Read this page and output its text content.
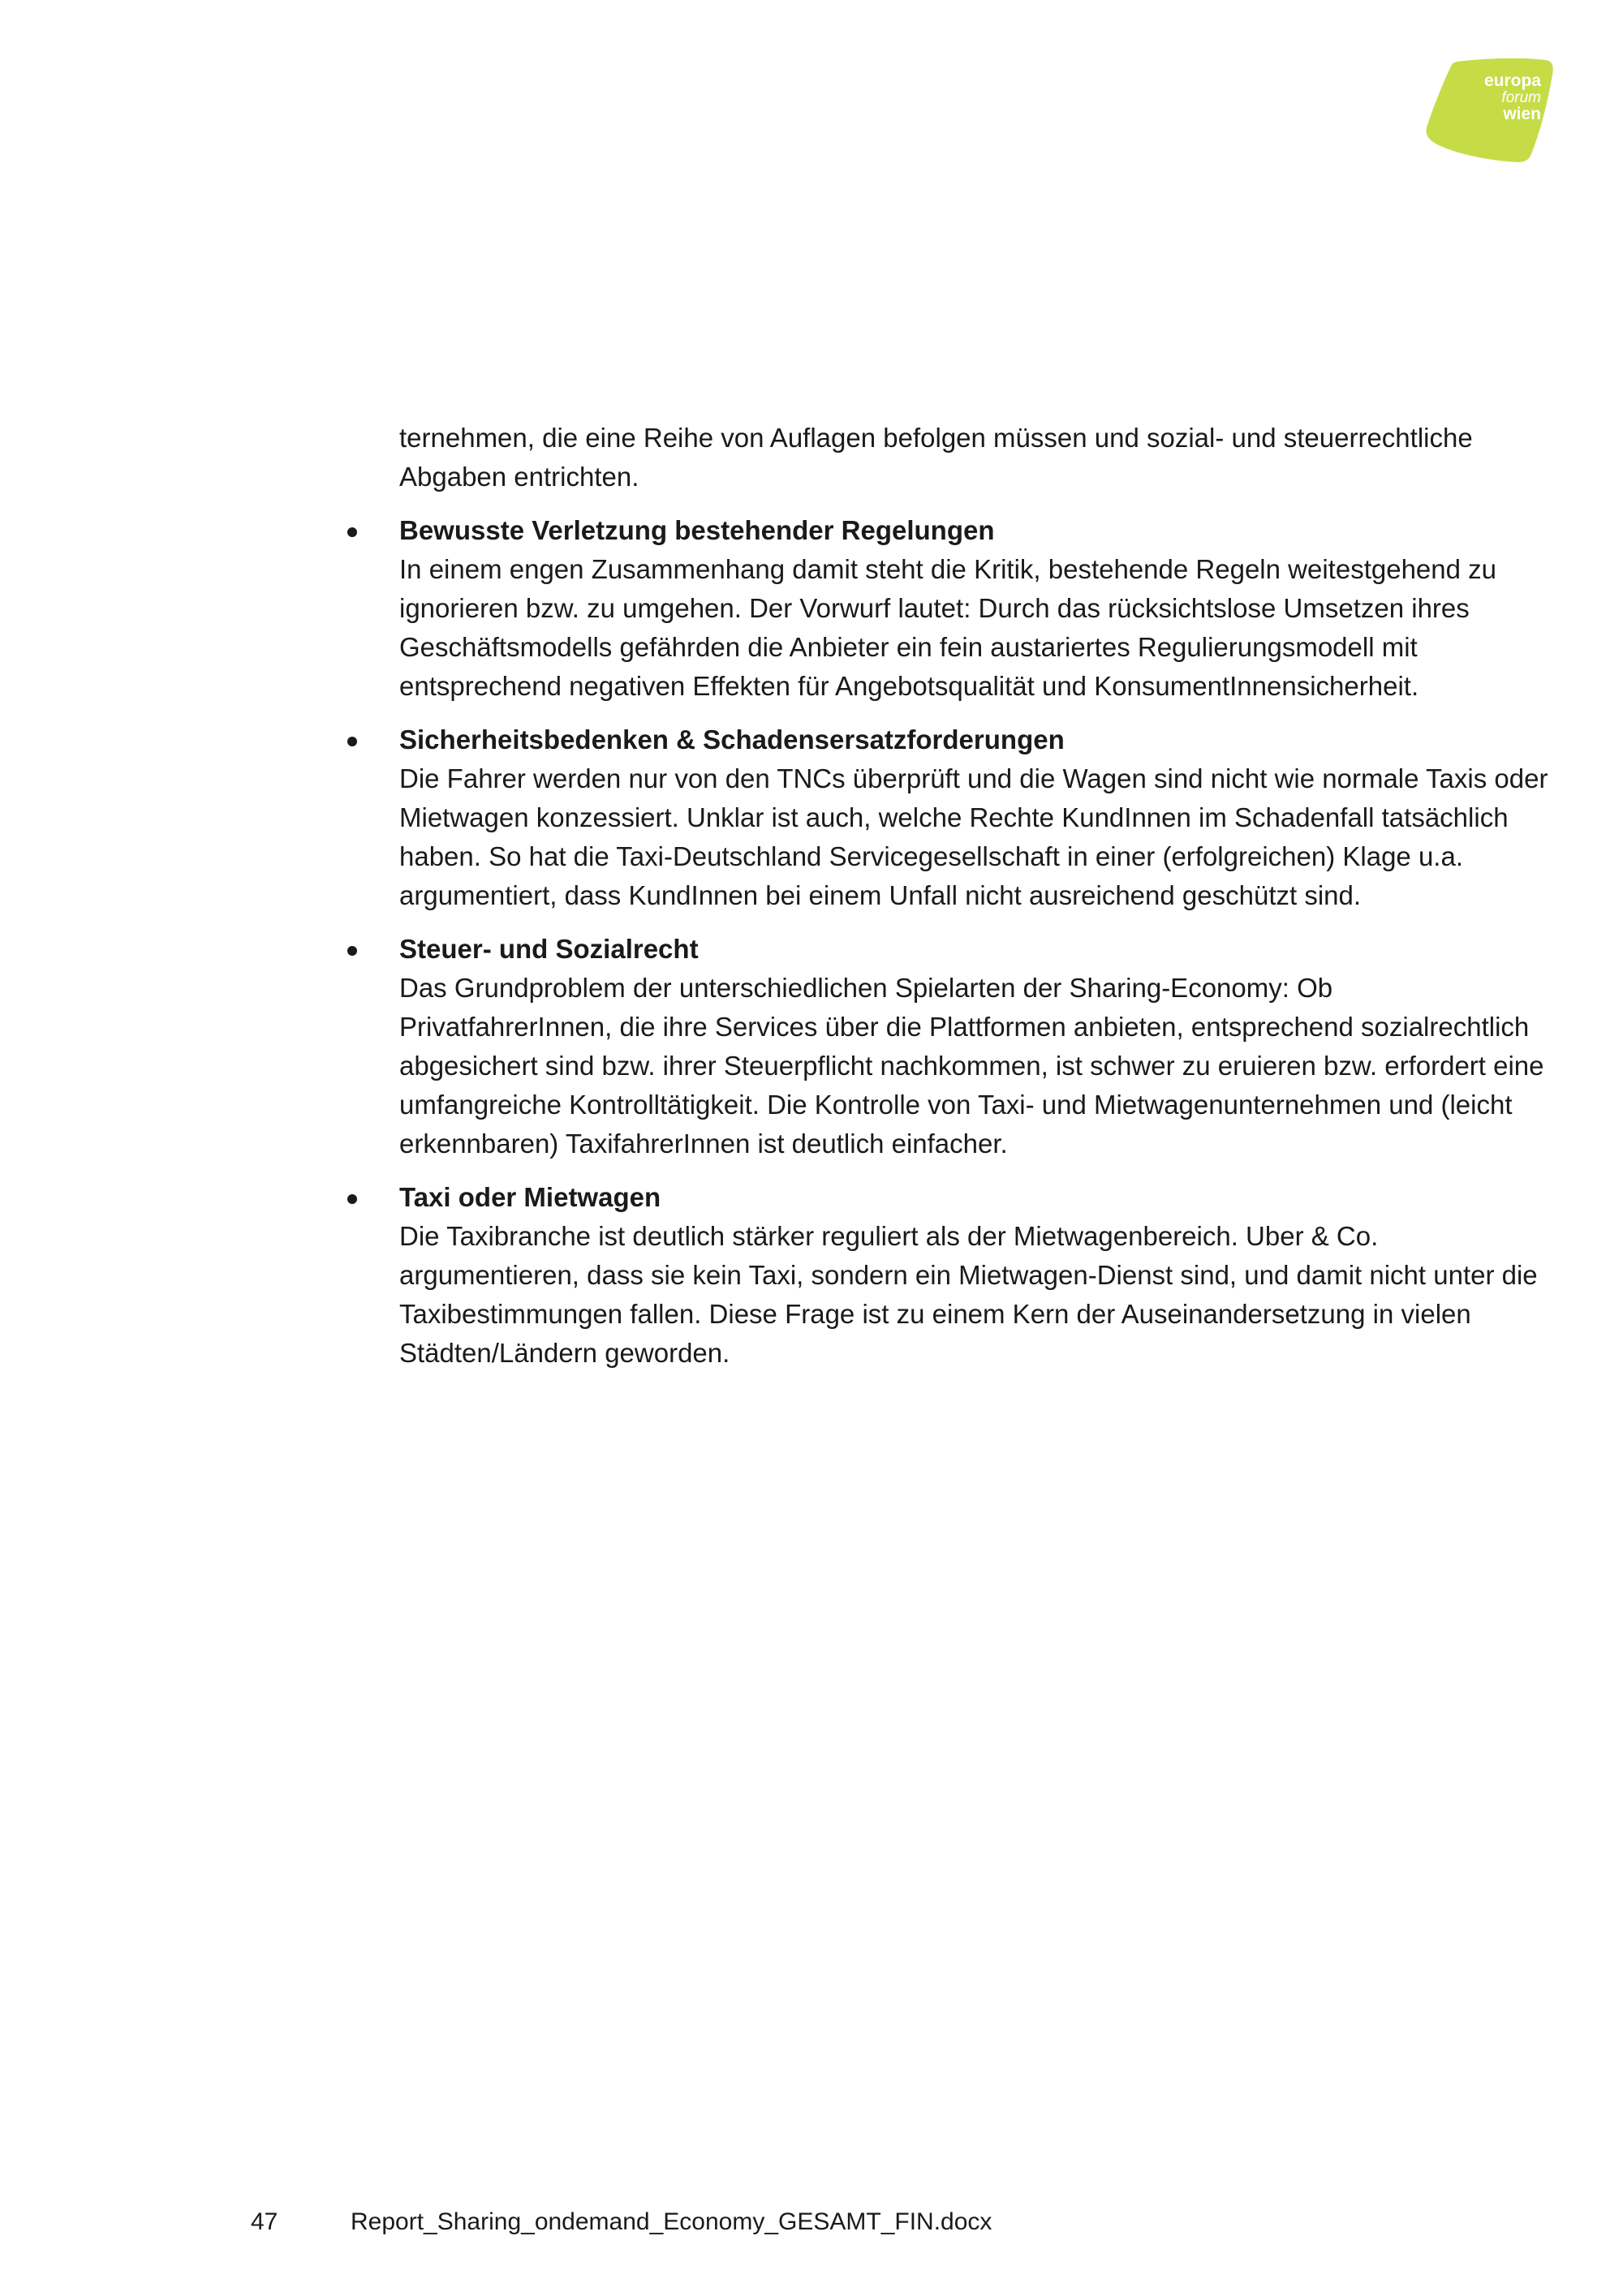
europa
forum
wien

ternehmen, die eine Reihe von Auflagen befolgen müssen und sozial- und steuerrechtliche Abgaben entrichten.

Bewusste Verletzung bestehender Regelungen
In einem engen Zusammenhang damit steht die Kritik, bestehende Regeln weitestgehend zu ignorieren bzw. zu umgehen. Der Vorwurf lautet: Durch das rücksichtslose Umsetzen ihres Geschäftsmodells gefährden die Anbieter ein fein austariertes Regulierungsmodell mit entsprechend negativen Effekten für Angebotsqualität und KonsumentInnensicherheit.
Sicherheitsbedenken & Schadensersatzforderungen
Die Fahrer werden nur von den TNCs überprüft und die Wagen sind nicht wie normale Taxis oder Mietwagen konzessiert. Unklar ist auch, welche Rechte KundInnen im Schadenfall tatsächlich haben. So hat die Taxi-Deutschland Servicegesellschaft in einer (erfolgreichen) Klage u.a. argumentiert, dass KundInnen bei einem Unfall nicht ausreichend geschützt sind.
Steuer- und Sozialrecht
Das Grundproblem der unterschiedlichen Spielarten der Sharing-Economy: Ob PrivatfahrerInnen, die ihre Services über die Plattformen anbieten, entsprechend sozialrechtlich abgesichert sind bzw. ihrer Steuerpflicht nachkommen, ist schwer zu eruieren bzw. erfordert eine umfangreiche Kontrolltätigkeit. Die Kontrolle von Taxi- und Mietwagenunternehmen und (leicht erkennbaren) TaxifahrerInnen ist deutlich einfacher.
Taxi oder Mietwagen
Die Taxibranche ist deutlich stärker reguliert als der Mietwagenbereich. Uber & Co. argumentieren, dass sie kein Taxi, sondern ein Mietwagen-Dienst sind, und damit nicht unter die Taxibestimmungen fallen. Diese Frage ist zu einem Kern der Auseinandersetzung in vielen Städten/Ländern geworden.
47	Report_Sharing_ondemand_Economy_GESAMT_FIN.docx
